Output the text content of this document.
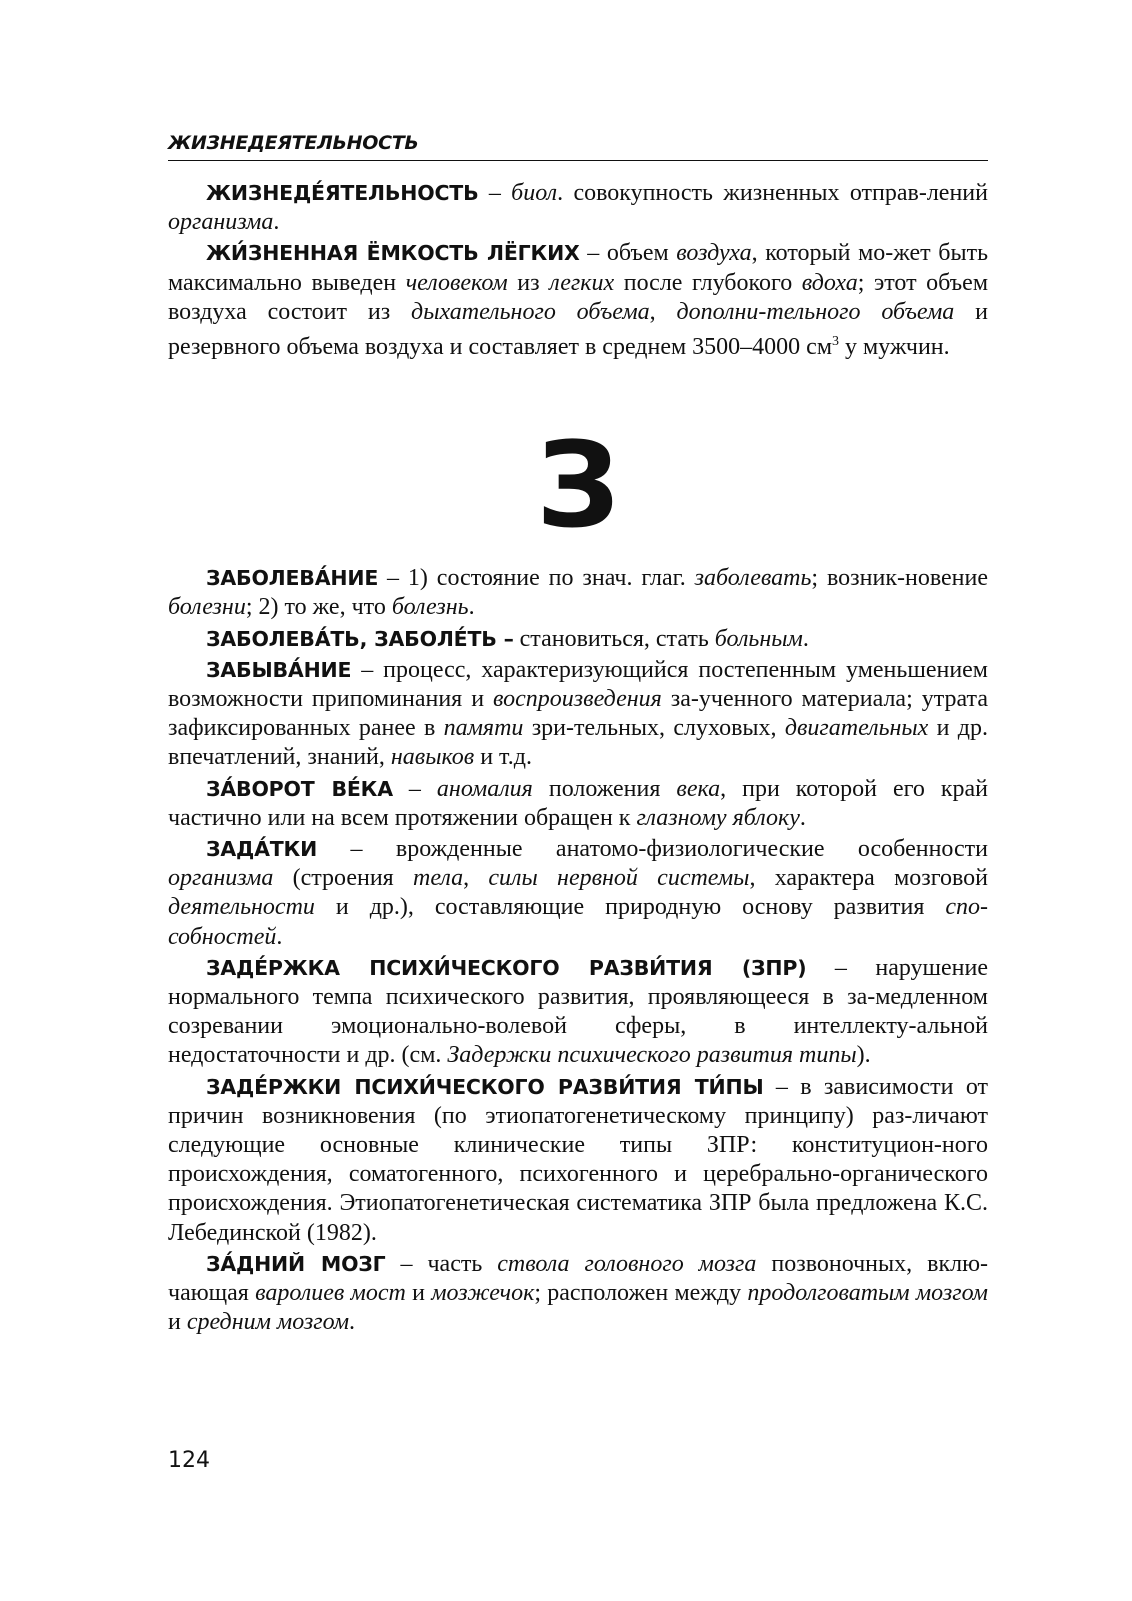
ЖИЗНЕДЕЯТЕЛЬНОСТЬ

ЖИЗНЕДЕ́ЯТЕЛЬНОСТЬ – биол. совокупность жизненных отправ-лений организма.

ЖИ́ЗНЕННАЯ ЁМКОСТЬ ЛЁГКИХ – объем воздуха, который мо-жет быть максимально выведен человеком из легких после глубокого вдоха; этот объем воздуха состоит из дыхательного объема, дополни-тельного объема и резервного объема воздуха и составляет в среднем 3500–4000 $см^3$ у мужчин.

З

ЗАБОЛЕВА́НИЕ – 1) состояние по знач. глаг. заболевать; возник-новение болезни; 2) то же, что болезнь.

ЗАБОЛЕВА́ТЬ, ЗАБОЛЕ́ТЬ – становиться, стать больным.

ЗАБЫВА́НИЕ – процесс, характеризующийся постепенным уменьшением возможности припоминания и воспроизведения за-ученного материала; утрата зафиксированных ранее в памяти зри-тельных, слуховых, двигательных и др. впечатлений, знаний, навыков и т.д.

ЗА́ВОРОТ ВЕ́КА – аномалия положения века, при которой его край частично или на всем протяжении обращен к глазному яблоку.

ЗАДА́ТКИ – врожденные анатомо-физиологические особенности организма (строения тела, силы нервной системы, характера мозговой деятельности и др.), составляющие природную основу развития спо-собностей.

ЗАДЕ́РЖКА ПСИХИ́ЧЕСКОГО РАЗВИ́ТИЯ (ЗПР) – нарушение нормального темпа психического развития, проявляющееся в за-медленном созревании эмоционально-волевой сферы, в интеллекту-альной недостаточности и др. (см. Задержки психического развития типы).

ЗАДЕ́РЖКИ ПСИХИ́ЧЕСКОГО РАЗВИ́ТИЯ ТИ́ПЫ – в зависимости от причин возникновения (по этиопатогенетическому принципу) раз-личают следующие основные клинические типы ЗПР: конституцион-ного происхождения, соматогенного, психогенного и церебрально-органического происхождения. Этиопатогенетическая систематика ЗПР была предложена К.С. Лебединской (1982).

ЗА́ДНИЙ МОЗГ – часть ствола головного мозга позвоночных, вклю-чающая варолиев мост и мозжечок; расположен между продолговатым мозгом и средним мозгом.

124
